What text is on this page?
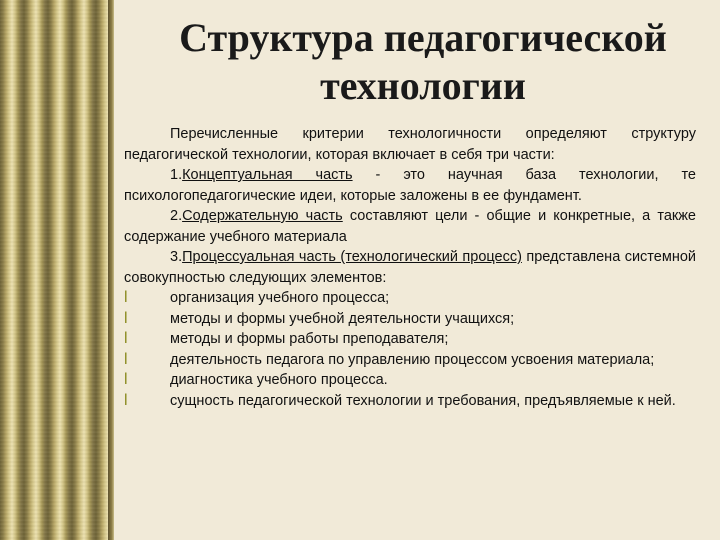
Структура педагогической
технологии

Перечисленные критерии технологичности определяют структуру педагогической технологии, которая включает в себя три части:

1.Концептуальная часть - это научная база технологии, те психологопедагогические идеи, которые заложены в ее фундамент.

2.Содержательную часть составляют цели - общие и конкретные, а также содержание учебного материала

3.Процессуальная часть (технологический процесс) представлена системной совокупностью следующих элементов:

l	организация учебного процесса;
l	методы и формы учебной деятельности учащихся;
l	методы и формы работы преподавателя;
l	деятельность педагога по управлению процессом усвоения материала;
l	диагностика учебного процесса.
l	сущность педагогической технологии и требования, предъявляемые к ней.
